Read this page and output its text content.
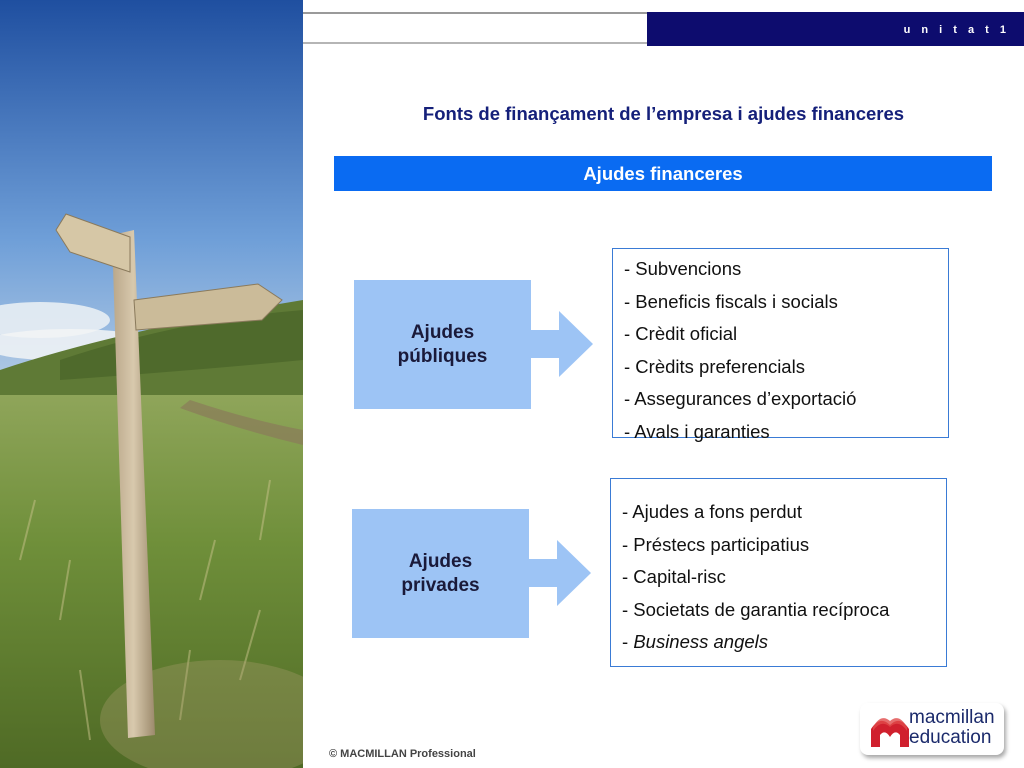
u n i t a t 1
Fonts de finançament de l’empresa i ajudes financeres
Ajudes financeres
Ajudes
públiques
- Subvencions
- Beneficis fiscals i socials
- Crèdit oficial
- Crèdits preferencials
- Assegurances d’exportació
- Avals i garanties
Ajudes
privades
- Ajudes a fons perdut
- Préstecs participatius
- Capital-risc
- Societats de garantia recíproca
- Business angels
© MACMILLAN Professional
macmillan
education
